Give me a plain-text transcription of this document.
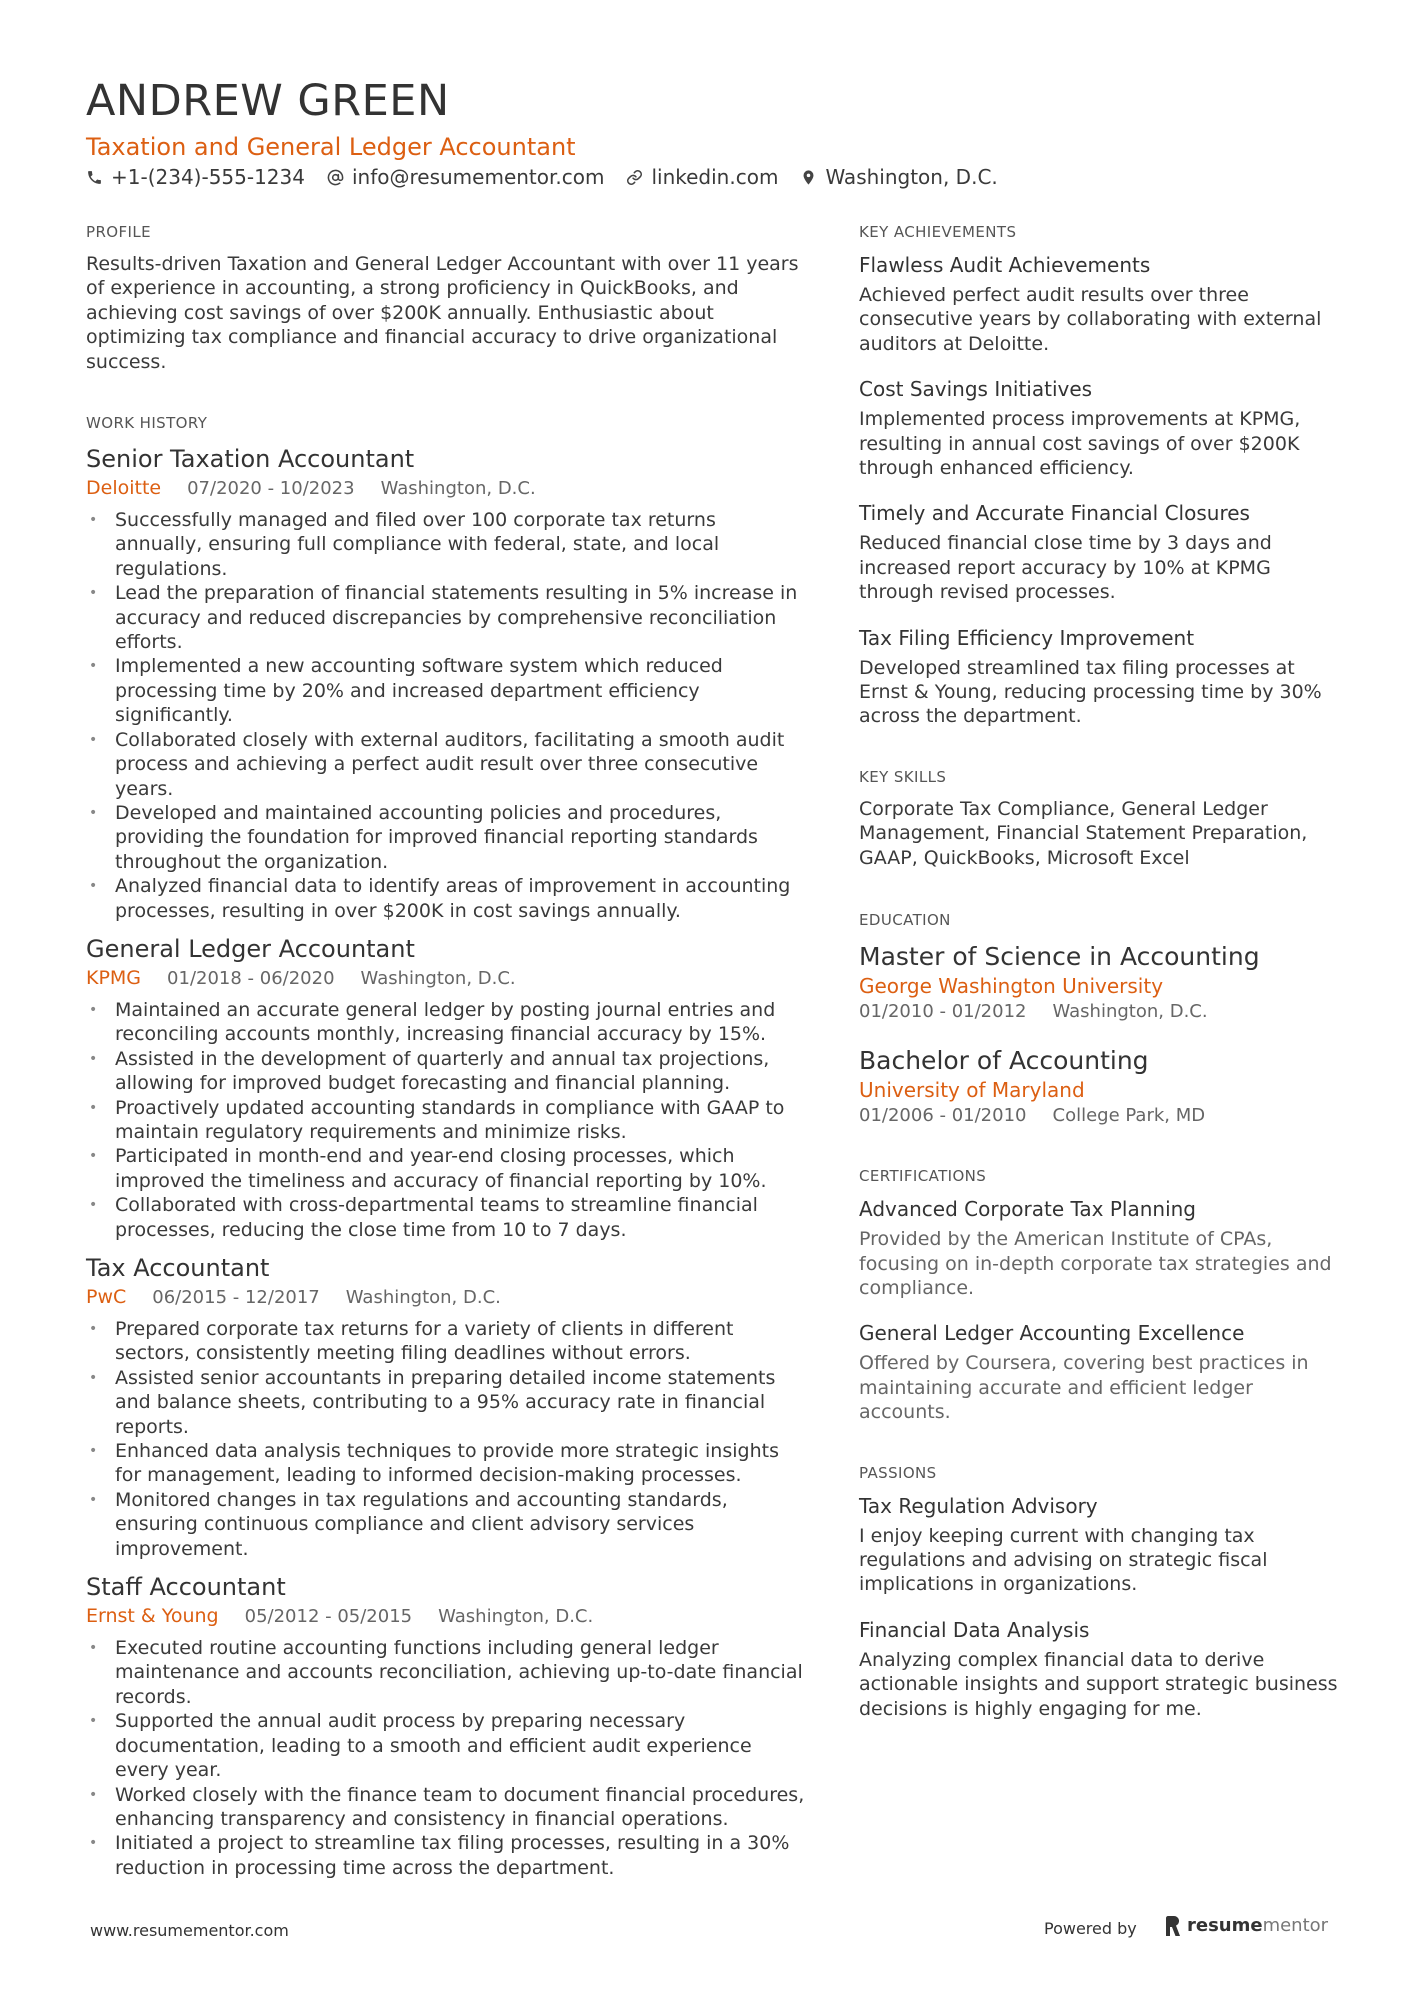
ANDREW GREEN
Taxation and General Ledger Accountant
+1-(234)-555-1234 info@resumementor.com linkedin.com Washington, D.C.
PROFILE
Results-driven Taxation and General Ledger Accountant with over 11 years of experience in accounting, a strong proficiency in QuickBooks, and achieving cost savings of over $200K annually. Enthusiastic about optimizing tax compliance and financial accuracy to drive organizational success.
WORK HISTORY
Senior Taxation Accountant
Deloitte 07/2020 - 10/2023 Washington, D.C.
• Successfully managed and filed over 100 corporate tax returns annually, ensuring full compliance with federal, state, and local regulations.
• Lead the preparation of financial statements resulting in 5% increase in accuracy and reduced discrepancies by comprehensive reconciliation efforts.
• Implemented a new accounting software system which reduced processing time by 20% and increased department efficiency significantly.
• Collaborated closely with external auditors, facilitating a smooth audit process and achieving a perfect audit result over three consecutive years.
• Developed and maintained accounting policies and procedures, providing the foundation for improved financial reporting standards throughout the organization.
• Analyzed financial data to identify areas of improvement in accounting processes, resulting in over $200K in cost savings annually.
General Ledger Accountant
KPMG 01/2018 - 06/2020 Washington, D.C.
• Maintained an accurate general ledger by posting journal entries and reconciling accounts monthly, increasing financial accuracy by 15%.
• Assisted in the development of quarterly and annual tax projections, allowing for improved budget forecasting and financial planning.
• Proactively updated accounting standards in compliance with GAAP to maintain regulatory requirements and minimize risks.
• Participated in month-end and year-end closing processes, which improved the timeliness and accuracy of financial reporting by 10%.
• Collaborated with cross-departmental teams to streamline financial processes, reducing the close time from 10 to 7 days.
Tax Accountant
PwC 06/2015 - 12/2017 Washington, D.C.
• Prepared corporate tax returns for a variety of clients in different sectors, consistently meeting filing deadlines without errors.
• Assisted senior accountants in preparing detailed income statements and balance sheets, contributing to a 95% accuracy rate in financial reports.
• Enhanced data analysis techniques to provide more strategic insights for management, leading to informed decision-making processes.
• Monitored changes in tax regulations and accounting standards, ensuring continuous compliance and client advisory services improvement.
Staff Accountant
Ernst & Young 05/2012 - 05/2015 Washington, D.C.
• Executed routine accounting functions including general ledger maintenance and accounts reconciliation, achieving up-to-date financial records.
• Supported the annual audit process by preparing necessary documentation, leading to a smooth and efficient audit experience every year.
• Worked closely with the finance team to document financial procedures, enhancing transparency and consistency in financial operations.
• Initiated a project to streamline tax filing processes, resulting in a 30% reduction in processing time across the department.
KEY ACHIEVEMENTS
Flawless Audit Achievements
Achieved perfect audit results over three consecutive years by collaborating with external auditors at Deloitte.
Cost Savings Initiatives
Implemented process improvements at KPMG, resulting in annual cost savings of over $200K through enhanced efficiency.
Timely and Accurate Financial Closures
Reduced financial close time by 3 days and increased report accuracy by 10% at KPMG through revised processes.
Tax Filing Efficiency Improvement
Developed streamlined tax filing processes at Ernst & Young, reducing processing time by 30% across the department.
KEY SKILLS
Corporate Tax Compliance, General Ledger Management, Financial Statement Preparation, GAAP, QuickBooks, Microsoft Excel
EDUCATION
Master of Science in Accounting
George Washington University
01/2010 - 01/2012 Washington, D.C.
Bachelor of Accounting
University of Maryland
01/2006 - 01/2010 College Park, MD
CERTIFICATIONS
Advanced Corporate Tax Planning
Provided by the American Institute of CPAs, focusing on in-depth corporate tax strategies and compliance.
General Ledger Accounting Excellence
Offered by Coursera, covering best practices in maintaining accurate and efficient ledger accounts.
PASSIONS
Tax Regulation Advisory
I enjoy keeping current with changing tax regulations and advising on strategic fiscal implications in organizations.
Financial Data Analysis
Analyzing complex financial data to derive actionable insights and support strategic business decisions is highly engaging for me.
www.resumementor.com	Powered by	resume mentor
